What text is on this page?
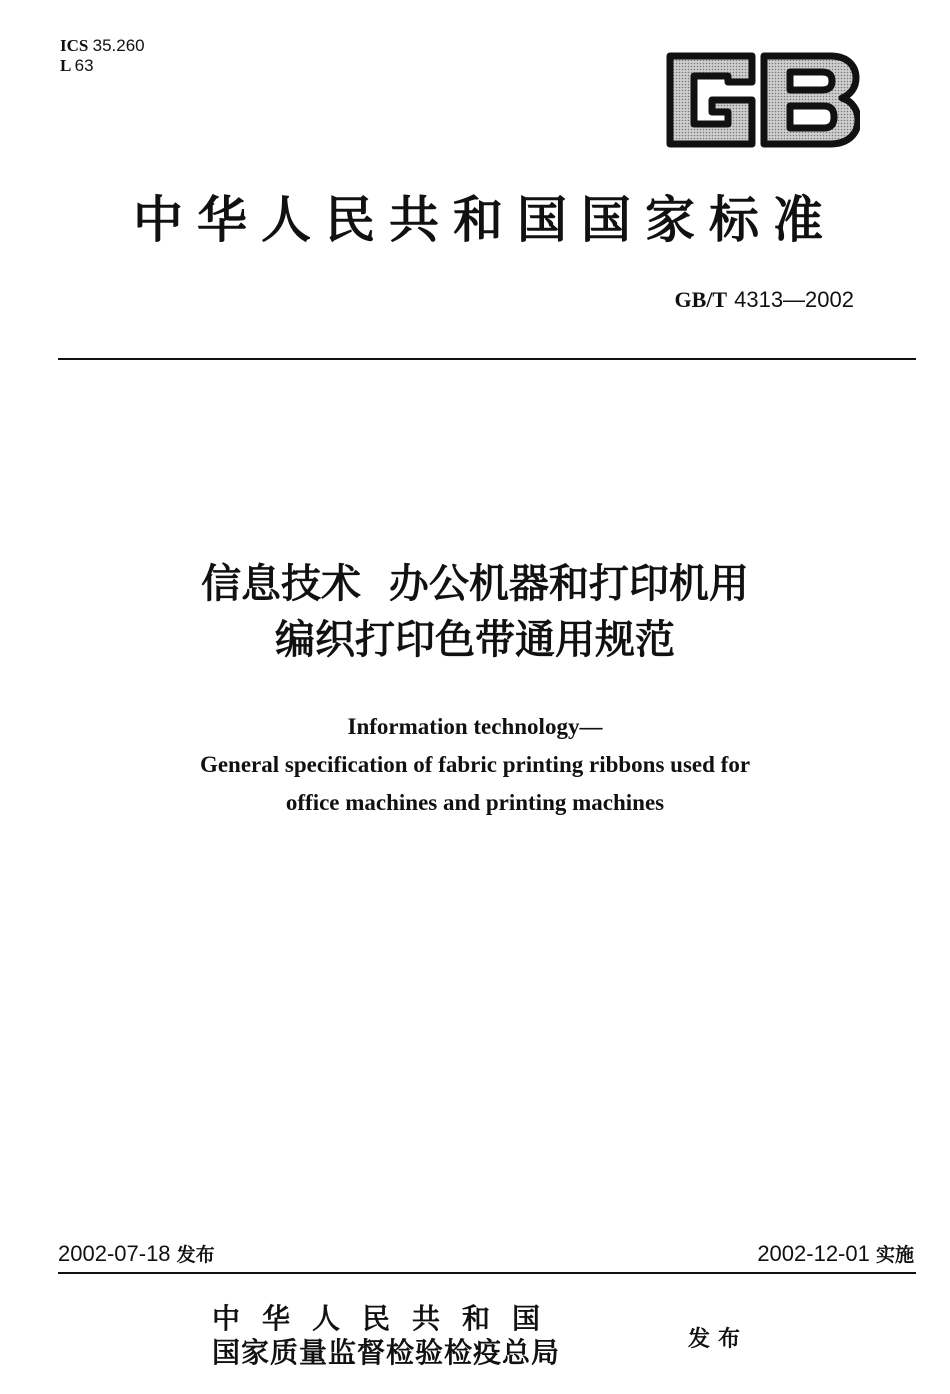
ICS 35.260
L 63
GB
中华人民共和国国家标准
GB/T 4313—2002
信息技术  办公机器和打印机用
编织打印色带通用规范
Information technology—
General specification of fabric printing ribbons used for
office machines and printing machines
2002-07-18 发布	2002-12-01 实施
中华人民共和国
国家质量监督检验检疫总局	发布
